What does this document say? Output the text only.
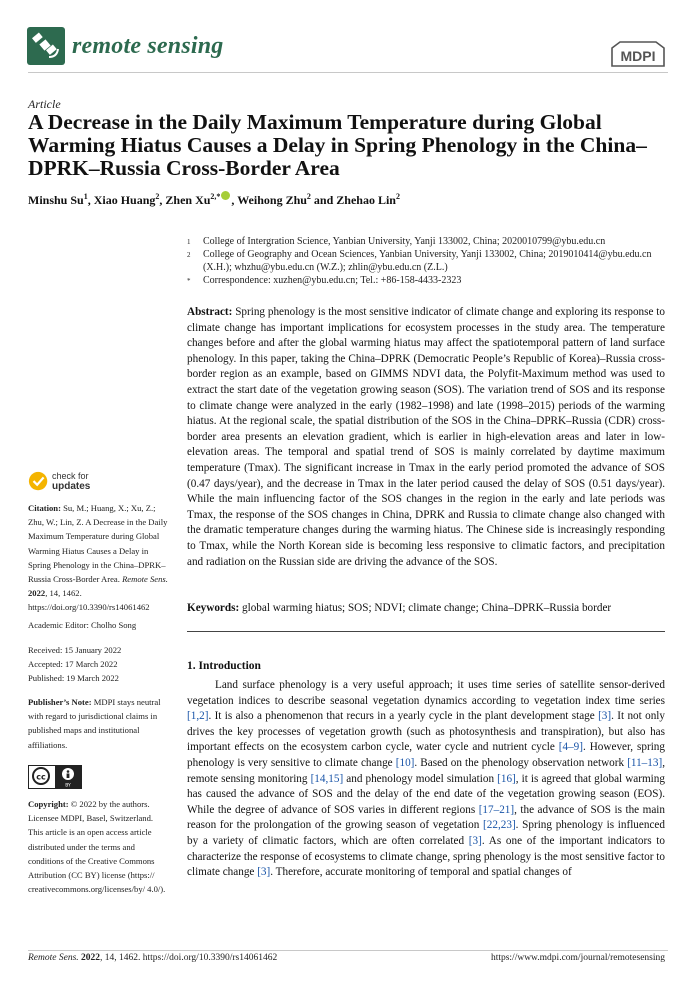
remote sensing	MDPI
Article
A Decrease in the Daily Maximum Temperature during Global Warming Hiatus Causes a Delay in Spring Phenology in the China–DPRK–Russia Cross-Border Area
Minshu Su$^1$, Xiao Huang$^2$, Zhen $Xu^{2,*}$ , Weihong Zhu$^2$ and Zhehao Lin$^2$
1 College of Intergration Science, Yanbian University, Yanji 133002, China; 2020010799@ybu.edu.cn
2 College of Geography and Ocean Sciences, Yanbian University, Yanji 133002, China; 2019010414@ybu.edu.cn (X.H.); whzhu@ybu.edu.cn (W.Z.); zhlin@ybu.edu.cn (Z.L.)
* Correspondence: xuzhen@ybu.edu.cn; Tel.: +86-158-4433-2323
Abstract: Spring phenology is the most sensitive indicator of climate change and exploring its response to climate change has important implications for ecosystem processes in the study area. The temperature changes before and after the global warming hiatus may affect the spatiotemporal pattern of land surface phenology. In this paper, taking the China–DPRK (Democratic People’s Republic of Korea)–Russia cross-border region as an example, based on GIMMS NDVI data, the Polyfit-Maximum method was used to extract the start date of the vegetation growing season (SOS). The variation trend of SOS and its response to climate change were analyzed in the early (1982–1998) and late (1998–2015) periods of the warming hiatus. At the regional scale, the spatial distribution of the SOS in the China–DPRK–Russia (CDR) cross-border area presents an elevation gradient, which is earlier in high-elevation areas and later in low-elevation areas. The temporal and spatial trend of SOS is mainly correlated by daytime maximum temperature (Tmax). The significant increase in Tmax in the early period promoted the advance of SOS (0.47 days/year), and the decrease in Tmax in the later period caused the delay of SOS (0.51 days/year). While the main influencing factor of the SOS changes in the region in the early and late periods was Tmax, the response of the SOS changes in China, DPRK and Russia to climate change also changed with the dramatic temperature changes during the warming hiatus. The Chinese side is increasingly responding to Tmax, while the North Korean side is becoming less responsive to climatic factors, and precipitation and radiation on the Russian side are driving the advance of the SOS.
Keywords: global warming hiatus; SOS; NDVI; climate change; China–DPRK–Russia border
check for
updates
Citation: Su, M.; Huang, X.; Xu, Z.; Zhu, W.; Lin, Z. A Decrease in the Daily Maximum Temperature during Global Warming Hiatus Causes a Delay in Spring Phenology in the China–DPRK–Russia Cross-Border Area. Remote Sens. 2022, 14, 1462. https://doi.org/10.3390/rs14061462
Academic Editor: Cholho Song
Received: 15 January 2022
Accepted: 17 March 2022
Published: 19 March 2022
Publisher’s Note: MDPI stays neutral with regard to jurisdictional claims in published maps and institutional affiliations.
cc
BY
Copyright: © 2022 by the authors. Licensee MDPI, Basel, Switzerland. This article is an open access article distributed under the terms and conditions of the Creative Commons Attribution (CC BY) license (https:// creativecommons.org/licenses/by/ 4.0/).
1. Introduction
Land surface phenology is a very useful approach; it uses time series of satellite sensor-derived vegetation indices to describe seasonal vegetation dynamics according to vegetation index time series [1,2]. It is also a phenomenon that recurs in a yearly cycle in the plant development stage [3]. It not only drives the key processes of vegetation growth (such as photosynthesis and transpiration), but also has important effects on the ecosystem carbon cycle, water cycle and nutrient cycle [4–9]. However, spring phenology is very sensitive to climate change [10]. Based on the phenology observation network [11–13], remote sensing monitoring [14,15] and phenology model simulation [16], it is agreed that global warming has caused the advance of SOS and the delay of the end date of the vegetation growing season (EOS). While the degree of advance of SOS varies in different regions [17–21], the advance of SOS is the main reason for the prolongation of the growing season of vegetation [22,23]. Spring phenology is influenced by a variety of climatic factors, which are often correlated [3]. As one of the important indicators to characterize the response of ecosystems to climate change, spring phenology is the most sensitive factor to climate change [3]. Therefore, accurate monitoring of temporal and spatial changes of
Remote Sens. 2022, 14, 1462. https://doi.org/10.3390/rs14061462	https://www.mdpi.com/journal/remotesensing
